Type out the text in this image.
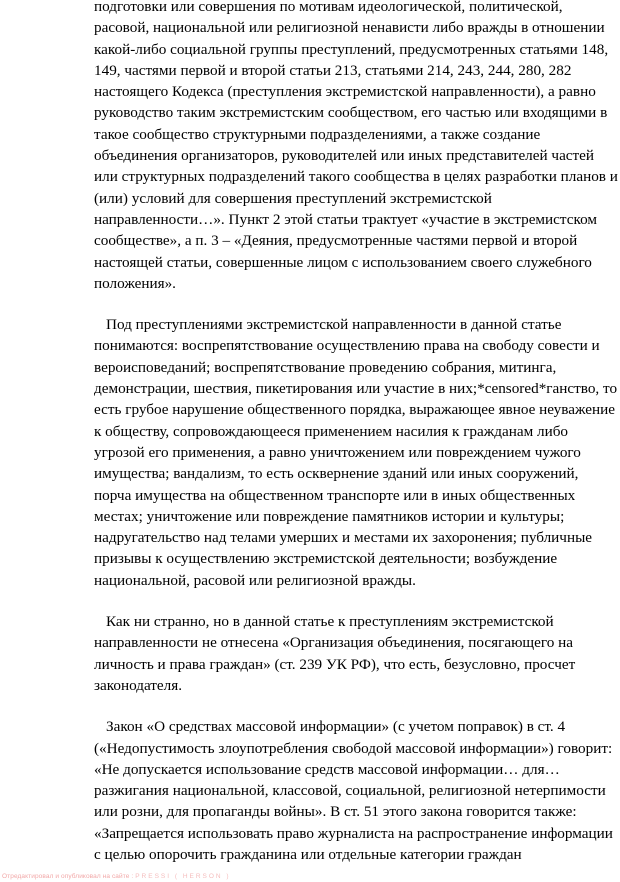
подготовки или совершения по мотивам идеологической, политической,
расовой, национальной или религиозной ненависти либо вражды в отношении
какой-либо социальной группы преступлений, предусмотренных статьями 148,
149, частями первой и второй статьи 213, статьями 214, 243, 244, 280, 282
настоящего Кодекса (преступления экстремистской направленности), а равно
руководство таким экстремистским сообществом, его частью или входящими в
такое сообщество структурными подразделениями, а также создание
объединения организаторов, руководителей или иных представителей частей
или структурных подразделений такого сообщества в целях разработки планов и
(или) условий для совершения преступлений экстремистской
направленности…». Пункт 2 этой статьи трактует «участие в экстремистском
сообществе», а п. 3 – «Деяния, предусмотренные частями первой и второй
настоящей статьи, совершенные лицом с использованием своего служебного
положения».
Под преступлениями экстремистской направленности в данной статье
понимаются: воспрепятствование осуществлению права на свободу совести и
вероисповеданий; воспрепятствование проведению собрания, митинга,
демонстрации, шествия, пикетирования или участие в них;*censored*ганство, то
есть грубое нарушение общественного порядка, выражающее явное неуважение
к обществу, сопровождающееся применением насилия к гражданам либо
угрозой его применения, а равно уничтожением или повреждением чужого
имущества; вандализм, то есть осквернение зданий или иных сооружений,
порча имущества на общественном транспорте или в иных общественных
местах; уничтожение или повреждение памятников истории и культуры;
надругательство над телами умерших и местами их захоронения; публичные
призывы к осуществлению экстремистской деятельности; возбуждение
национальной, расовой или религиозной вражды.
Как ни странно, но в данной статье к преступлениям экстремистской
направленности не отнесена «Организация объединения, посягающего на
личность и права граждан» (ст. 239 УК РФ), что есть, безусловно, просчет
законодателя.
Закон «О средствах массовой информации» (с учетом поправок) в ст. 4
(«Недопустимость злоупотребления свободой массовой информации») говорит:
«Не допускается использование средств массовой информации… для…
разжигания национальной, классовой, социальной, религиозной нетерпимости
или розни, для пропаганды войны». В ст. 51 этого закона говорится также:
«Запрещается использовать право журналиста на распространение информации
с целью опорочить гражданина или отдельные категории граждан
Отредактировал и опубликовал на сайте : PRESSI ( HERSON )
